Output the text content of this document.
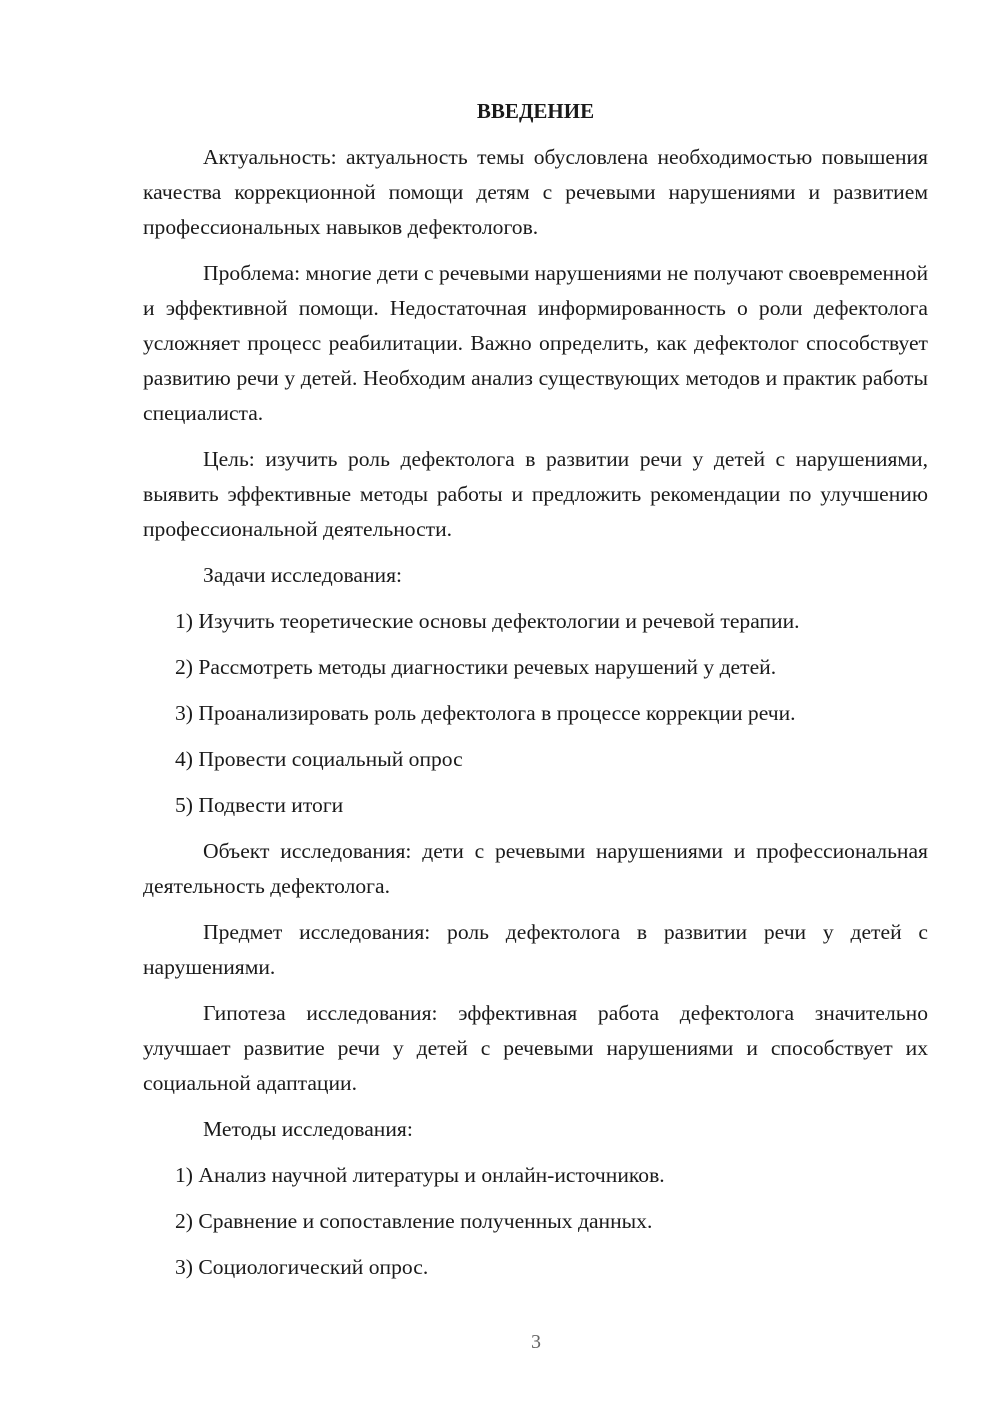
ВВЕДЕНИЕ

Актуальность: актуальность темы обусловлена необходимостью повышения качества коррекционной помощи детям с речевыми нарушениями и развитием профессиональных навыков дефектологов.

Проблема: многие дети с речевыми нарушениями не получают своевременной и эффективной помощи. Недостаточная информированность о роли дефектолога усложняет процесс реабилитации. Важно определить, как дефектолог способствует развитию речи у детей. Необходим анализ существующих методов и практик работы специалиста.

Цель: изучить роль дефектолога в развитии речи у детей с нарушениями, выявить эффективные методы работы и предложить рекомендации по улучшению профессиональной деятельности.

Задачи исследования:
1) Изучить теоретические основы дефектологии и речевой терапии.
2) Рассмотреть методы диагностики речевых нарушений у детей.
3) Проанализировать роль дефектолога в процессе коррекции речи.
4) Провести социальный опрос
5) Подвести итоги

Объект исследования: дети с речевыми нарушениями и профессиональная деятельность дефектолога.

Предмет исследования: роль дефектолога в развитии речи у детей с нарушениями.

Гипотеза исследования: эффективная работа дефектолога значительно улучшает развитие речи у детей с речевыми нарушениями и способствует их социальной адаптации.

Методы исследования:
1) Анализ научной литературы и онлайн-источников.
2) Сравнение и сопоставление полученных данных.
3) Социологический опрос.
3
